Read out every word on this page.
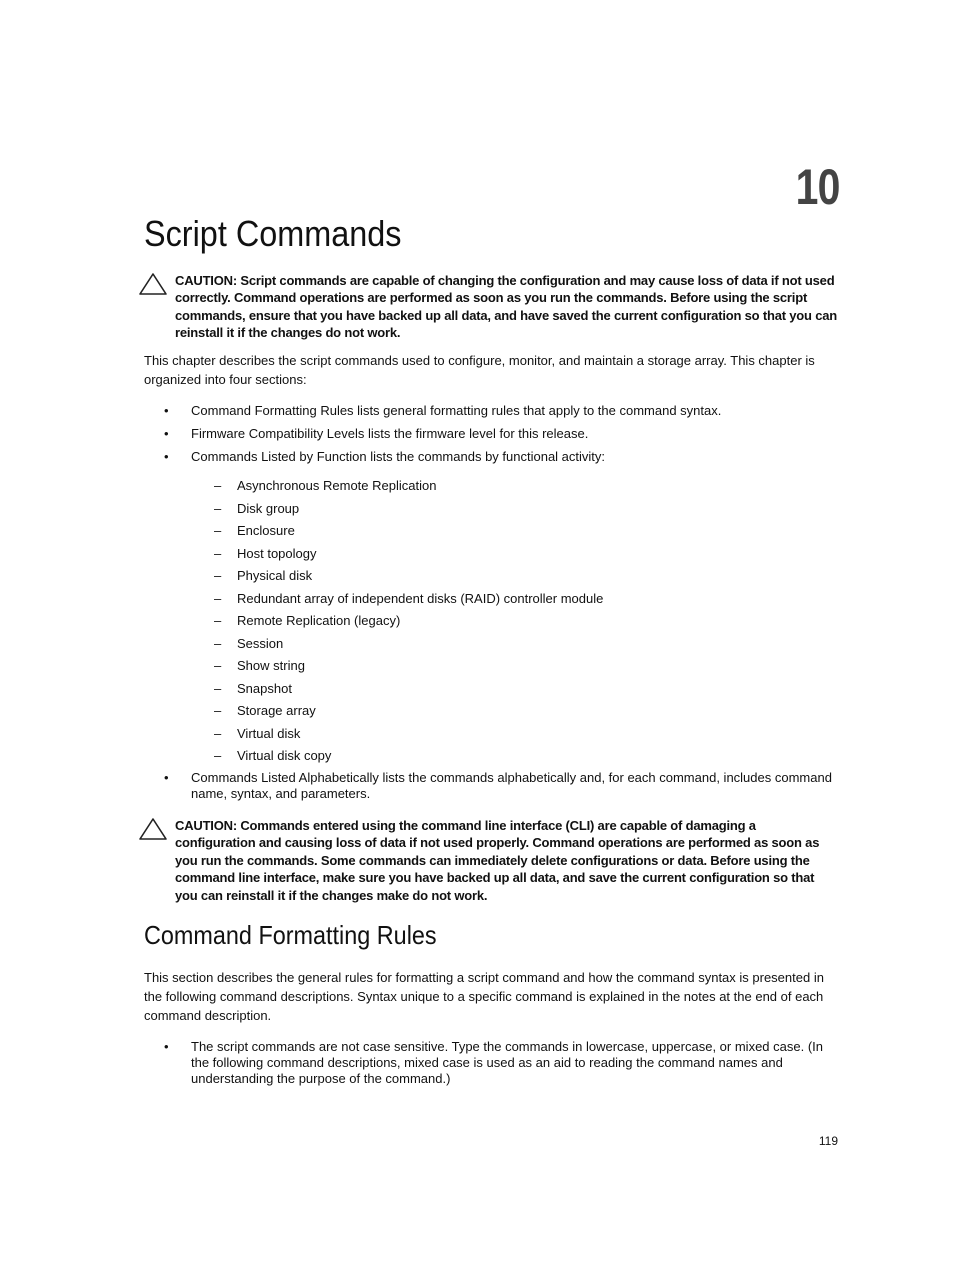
10
Script Commands
CAUTION: Script commands are capable of changing the configuration and may cause loss of data if not used correctly. Command operations are performed as soon as you run the commands. Before using the script commands, ensure that you have backed up all data, and have saved the current configuration so that you can reinstall it if the changes do not work.

This chapter describes the script commands used to configure, monitor, and maintain a storage array. This chapter is organized into four sections:

• Command Formatting Rules lists general formatting rules that apply to the command syntax.
• Firmware Compatibility Levels lists the firmware level for this release.
• Commands Listed by Function lists the commands by functional activity:
– Asynchronous Remote Replication
– Disk group
– Enclosure
– Host topology
– Physical disk
– Redundant array of independent disks (RAID) controller module
– Remote Replication (legacy)
– Session
– Show string
– Snapshot
– Storage array
– Virtual disk
– Virtual disk copy
• Commands Listed Alphabetically lists the commands alphabetically and, for each command, includes command name, syntax, and parameters.
CAUTION: Commands entered using the command line interface (CLI) are capable of damaging a configuration and causing loss of data if not used properly. Command operations are performed as soon as you run the commands. Some commands can immediately delete configurations or data. Before using the command line interface, make sure you have backed up all data, and save the current configuration so that you can reinstall it if the changes make do not work.
Command Formatting Rules

This section describes the general rules for formatting a script command and how the command syntax is presented in the following command descriptions. Syntax unique to a specific command is explained in the notes at the end of each command description.

• The script commands are not case sensitive. Type the commands in lowercase, uppercase, or mixed case. (In the following command descriptions, mixed case is used as an aid to reading the command names and understanding the purpose of the command.)
119
